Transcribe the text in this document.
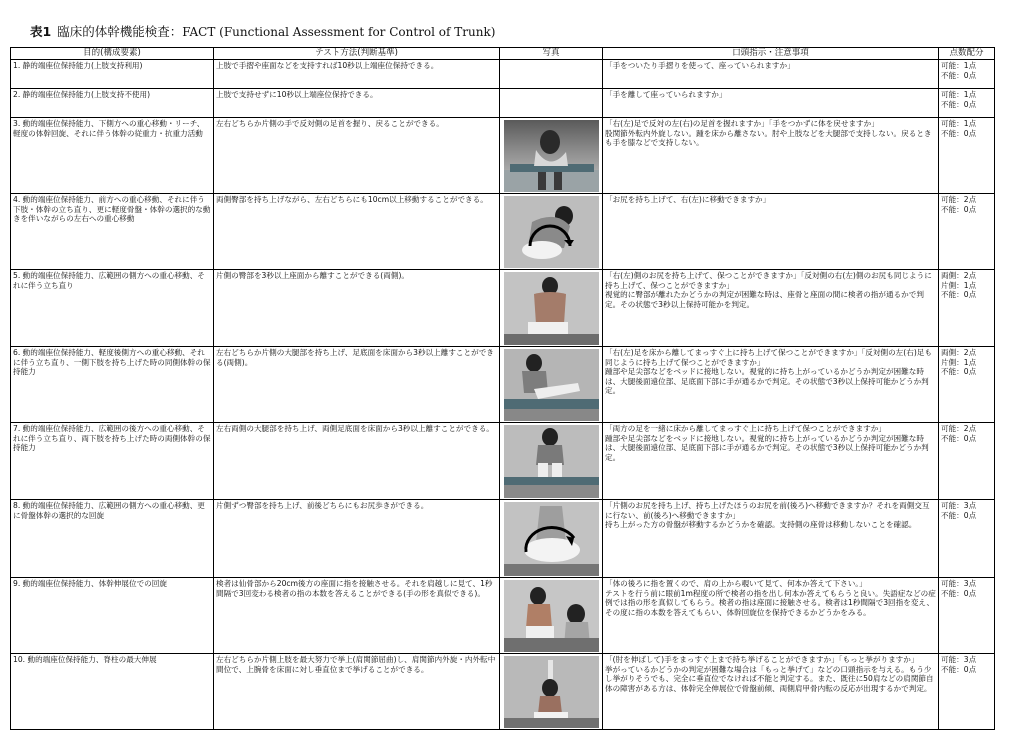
表1 臨床的体幹機能検査：FACT (Functional Assessment for Control of Trunk)
目的(構成要素)	テスト方法(判断基準)	写真	口頭指示・注意事項	点数配分
1. 静的端座位保持能力(上肢支持利用)	上肢で手摺や座面などを支持すれば10秒以上端座位保持できる。		「手をついたり手摺りを使って、座っていられますか」	可能：1点
不能：0点
2. 静的端座位保持能力(上肢支持不使用)	上肢で支持せずに10秒以上端座位保持できる。		「手を離して座っていられますか」	可能：1点
不能：0点
3. 動的端座位保持能力、下側方への重心移動・リーチ、軽度の体幹回旋、それに伴う体幹の従重力・抗重力活動	左右どちらか片側の手で反対側の足首を握り、戻ることができる。		「右(左)足で反対の左(右)の足首を握れますか」「手をつかずに体を戻せますか」
股関節外転内外旋しない。踵を床から離さない。肘や上肢などを大腿部で支持しない。戻るときも手を膝などで支持しない。	可能：1点
不能：0点
4. 動的端座位保持能力、前方への重心移動、それに伴う下肢・体幹の立ち直り、更に軽度骨盤・体幹の選択的な動きを伴いながらの左右への重心移動	両側臀部を持ち上げながら、左右どちらにも10cm以上移動することができる。		「お尻を持ち上げて、右(左)に移動できますか」	可能：2点
不能：0点
5. 動的端座位保持能力、広範囲の側方への重心移動、それに伴う立ち直り	片側の臀部を3秒以上座面から離すことができる(両側)。		「右(左)側のお尻を持ち上げて、保つことができますか」「反対側の右(左)側のお尻も同じように持ち上げて、保つことができますか」
視覚的に臀部が離れたかどうかの判定が困難な時は、座骨と座面の間に検者の指が通るかで判定。その状態で3秒以上保持可能かを判定。	両側：2点
片側：1点
不能：0点
6. 動的端座位保持能力、軽度後側方への重心移動、それに伴う立ち直り、一側下肢を持ち上げた時の同側体幹の保持能力	左右どちらか片側の大腿部を持ち上げ、足底面を床面から3秒以上離すことができる(両側)。		「右(左)足を床から離してまっすぐ上に持ち上げて保つことができますか」「反対側の左(右)足も同じように持ち上げて保つことができますか」
踵部や足尖部などをベッドに接地しない。視覚的に持ち上がっているかどうか判定が困難な時は、大腿後面遠位部、足底面下部に手が通るかで判定。その状態で3秒以上保持可能かどうか判定。	両側：2点
片側：1点
不能：0点
7. 動的端座位保持能力、広範囲の後方への重心移動、それに伴う立ち直り、両下肢を持ち上げた時の両側体幹の保持能力	左右両側の大腿部を持ち上げ、両側足底面を床面から3秒以上離すことができる。		「両方の足を一緒に床から離してまっすぐ上に持ち上げて保つことができますか」
踵部や足尖部などをベッドに接地しない。視覚的に持ち上がっているかどうか判定が困難な時は、大腿後面遠位部、足底面下部に手が通るかで判定。その状態で3秒以上保持可能かどうか判定。	可能：2点
不能：0点
8. 動的端座位保持能力、広範囲の側方への重心移動、更に骨盤体幹の選択的な回旋	片側ずつ臀部を持ち上げ、前後どちらにもお尻歩きができる。		「片側のお尻を持ち上げ、持ち上げたほうのお尻を前(後ろ)へ移動できますか？それを両側交互に行ない、前(後ろ)へ移動できますか」
持ち上がった方の骨盤が移動するかどうかを確認。支持側の座骨は移動しないことを確認。	可能：3点
不能：0点
9. 動的端座位保持能力、体幹伸展位での回旋	検者は仙骨部から20cm後方の座面に指を接触させる。それを肩越しに見て、1秒間隔で3回変わる検者の指の本数を答えることができる(手の形を真似できる)。		「体の後ろに指を置くので、肩の上から覗いて見て、何本か答えて下さい。」
テストを行う前に眼前1m程度の所で検者の指を出し何本か答えてもらうと良い。失語症などの症例では指の形を真似してもらう。検者の指は座面に接触させる。検者は1秒間隔で3回指を変え、その度に指の本数を答えてもらい、体幹回旋位を保持できるかどうかをみる。	可能：3点
不能：0点
10. 動的端座位保持能力、脊柱の最大伸展	左右どちらか片側上肢を最大努力で挙上(肩関節屈曲)し、肩関節内外旋・内外転中間位で、上腕骨を床面に対し垂直位まで挙げることができる。		「(肘を伸ばして)手をまっすぐ上まで持ち挙げることができますか」「もっと挙がりますか」
挙がっているかどうかの判定が困難な場合は「もっと挙げて」などの口頭指示を与える。もう少し挙がりそうでも、完全に垂直位でなければ不能と判定する。また、既往に50肩などの肩関節自体の障害がある方は、体幹完全伸展位で骨盤前傾、両側肩甲骨内転の反応が出現するかで判定。	可能：3点
不能：0点
